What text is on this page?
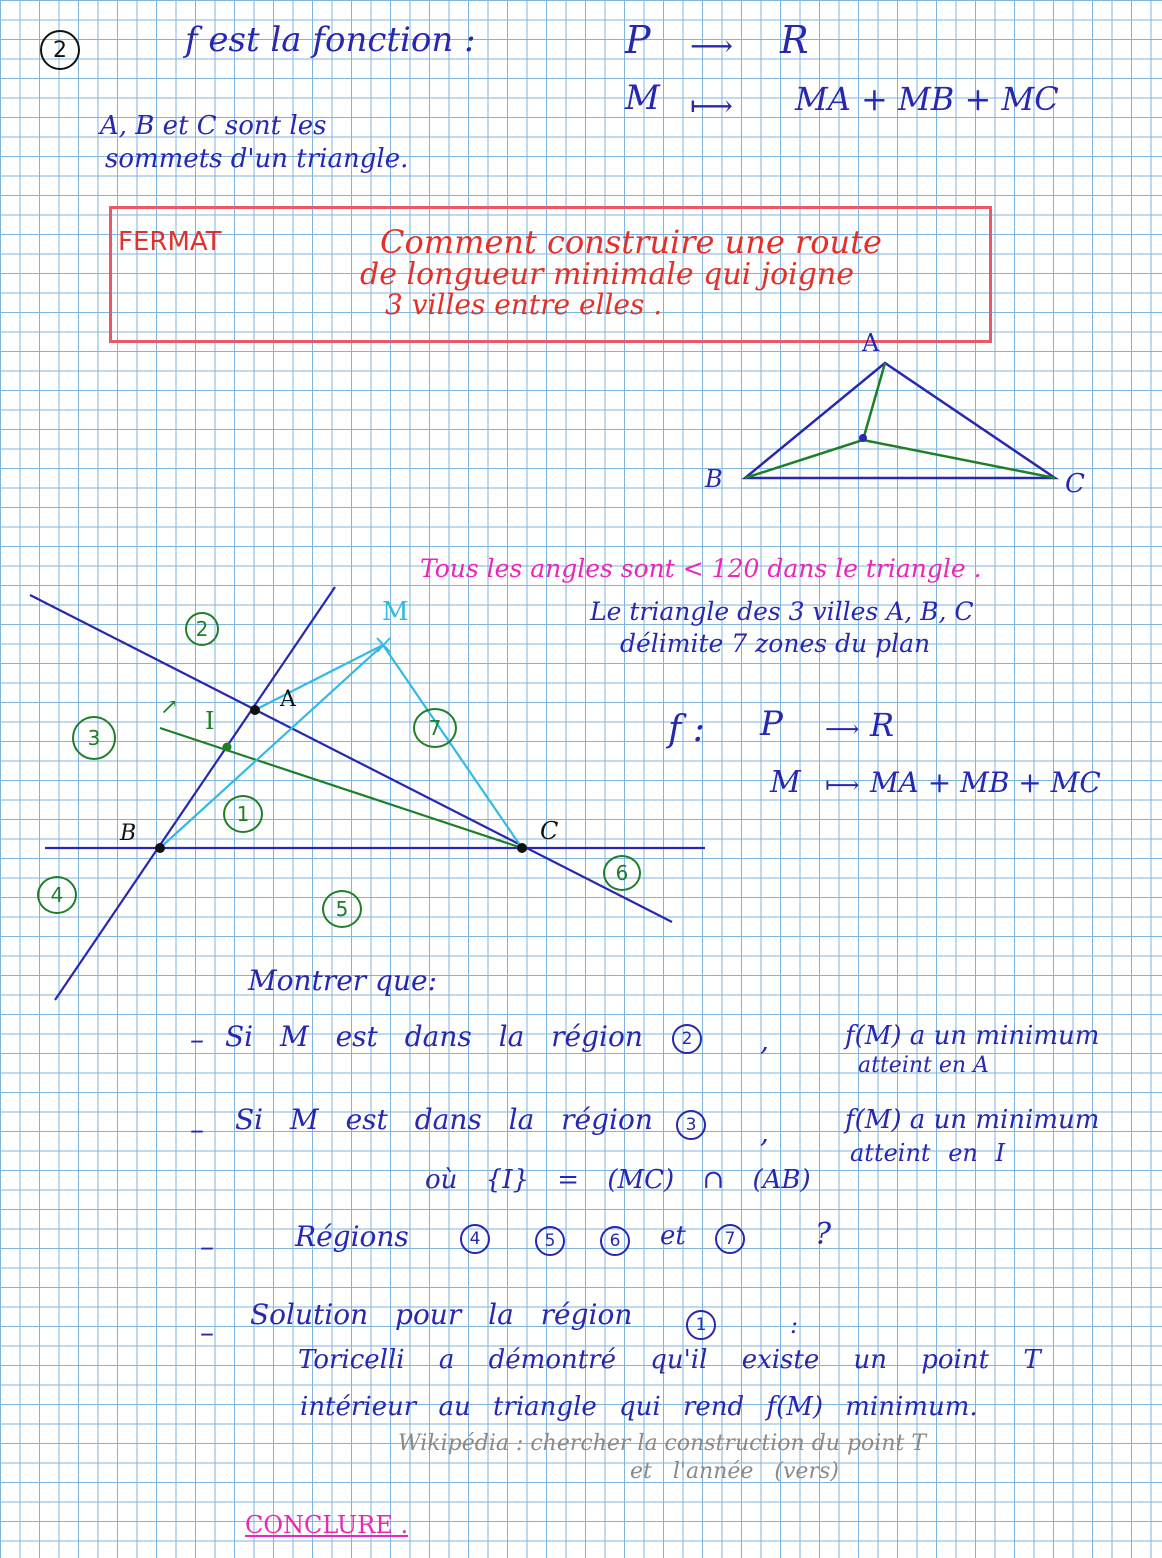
2	f est la fonction :	P ⟶ R
M ⟼ MA + MB + MC
A, B et C sont les
sommets d'un triangle.
FERMAT	Comment construire une route
de longueur minimale qui joigne
3 villes entre elles .
A
B	C
A
B	C
M
I
↗
2
3	7
1
4
5
6
Tous les angles sont < 120 dans le triangle .
Le triangle des 3 villes A, B, C
délimite 7 zones du plan
f : P ⟶ R
M ⟼ MA + MB + MC
Montrer que:
– Si M est dans la région 2 ,	f(M) a un minimum
atteint en A
– Si M est dans la région 3 ,	f(M) a un minimum
atteint en I
où {I} = (MC) ∩ (AB)
–	Régions	4	5	6 et 7	?
–
Solution pour la région	1	:
Toricelli a démontré qu'il existe un point T
intérieur au triangle qui rend f(M) minimum.
Wikipédia : chercher la construction du point T
et l'année (vers)
CONCLURE .
